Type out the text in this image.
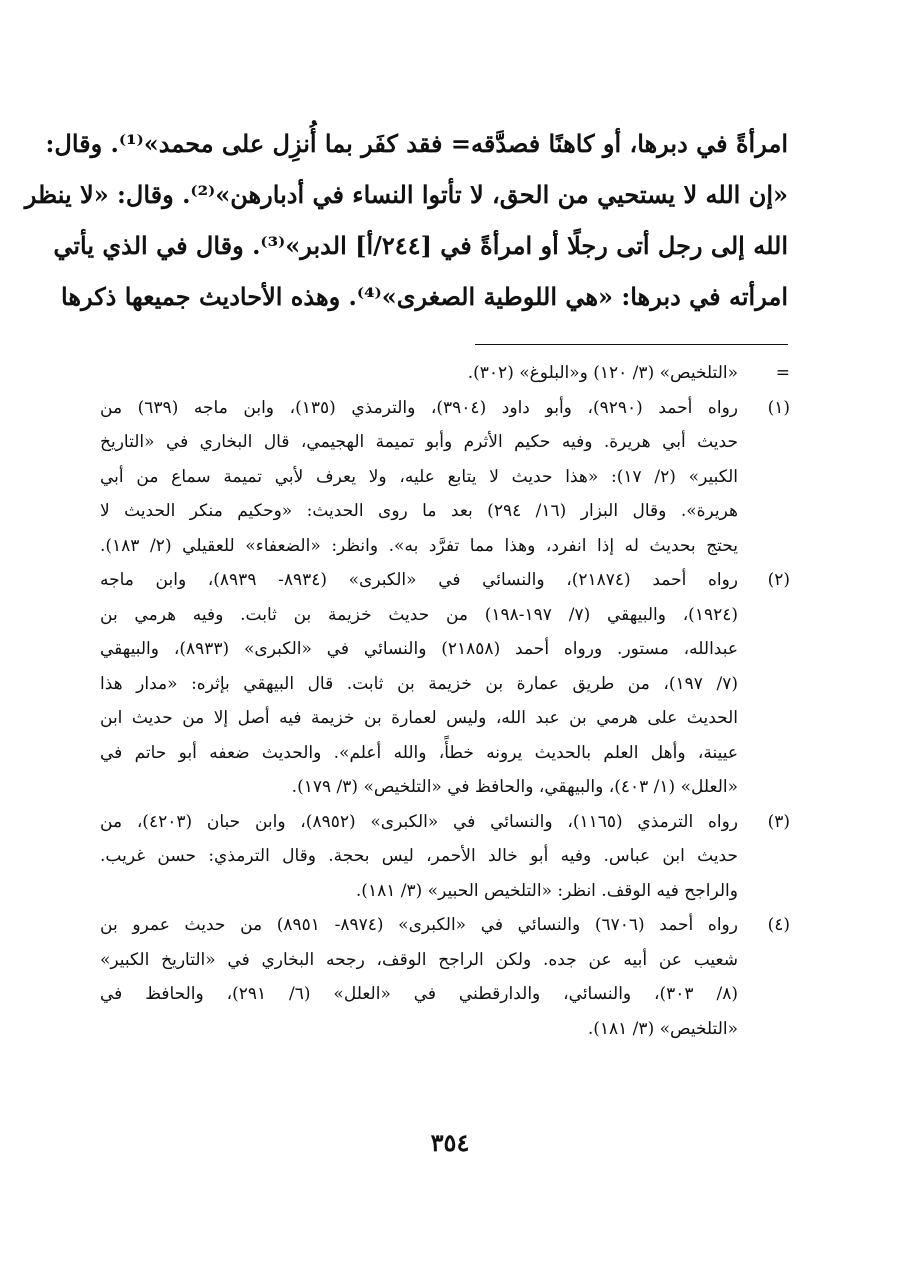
امرأةً في دبرها، أو كاهنًا فصدَّقه= فقد كفَر بما أُنزِل على محمد»⁽¹⁾. وقال:

«إن الله لا يستحيي من الحق، لا تأتوا النساء في أدبارهن»⁽²⁾. وقال: «لا ينظر

الله إلى رجل أتى رجلًا أو امرأةً في [٢٤٤/أ] الدبر»⁽³⁾. وقال في الذي يأتي

امرأته في دبرها: «هي اللوطية الصغرى»⁽⁴⁾. وهذه الأحاديث جميعها ذكرها

=
«التلخيص» (٣/ ١٢٠) و«البلوغ» (٣٠٢).
(١)
رواه أحمد (٩٢٩٠)، وأبو داود (٣٩٠٤)، والترمذي (١٣٥)، وابن ماجه (٦٣٩) من
حديث أبي هريرة. وفيه حكيم الأثرم وأبو تميمة الهجيمي، قال البخاري في «التاريخ
الكبير» (٢/ ١٧): «هذا حديث لا يتابع عليه، ولا يعرف لأبي تميمة سماع من أبي
هريرة». وقال البزار (١٦/ ٢٩٤) بعد ما روى الحديث: «وحكيم منكر الحديث لا
يحتج بحديث له إذا انفرد، وهذا مما تفرَّد به». وانظر: «الضعفاء» للعقيلي (٢/ ١٨٣).
(٢)
رواه أحمد (٢١٨٧٤)، والنسائي في «الكبرى» (٨٩٣٤- ٨٩٣٩)، وابن ماجه
(١٩٢٤)، والبيهقي (٧/ ١٩٧-١٩٨) من حديث خزيمة بن ثابت. وفيه هرمي بن
عبدالله، مستور. ورواه أحمد (٢١٨٥٨) والنسائي في «الكبرى» (٨٩٣٣)، والبيهقي
(٧/ ١٩٧)، من طريق عمارة بن خزيمة بن ثابت. قال البيهقي بإثره: «مدار هذا
الحديث على هرمي بن عبد الله، وليس لعمارة بن خزيمة فيه أصل إلا من حديث ابن
عيينة، وأهل العلم بالحديث يرونه خطأً، والله أعلم». والحديث ضعفه أبو حاتم في
«العلل» (١/ ٤٠٣)، والبيهقي، والحافظ في «التلخيص» (٣/ ١٧٩).
(٣)
رواه الترمذي (١١٦٥)، والنسائي في «الكبرى» (٨٩٥٢)، وابن حبان (٤٢٠٣)، من
حديث ابن عباس. وفيه أبو خالد الأحمر، ليس بحجة. وقال الترمذي: حسن غريب.
والراجح فيه الوقف. انظر: «التلخيص الحبير» (٣/ ١٨١).
(٤)
رواه أحمد (٦٧٠٦) والنسائي في «الكبرى» (٨٩٧٤- ٨٩٥١) من حديث عمرو بن
شعيب عن أبيه عن جده. ولكن الراجح الوقف، رجحه البخاري في «التاريخ الكبير»
(٨/ ٣٠٣)، والنسائي، والدارقطني في «العلل» (٦/ ٢٩١)، والحافظ في
«التلخيص» (٣/ ١٨١).
٣٥٤
